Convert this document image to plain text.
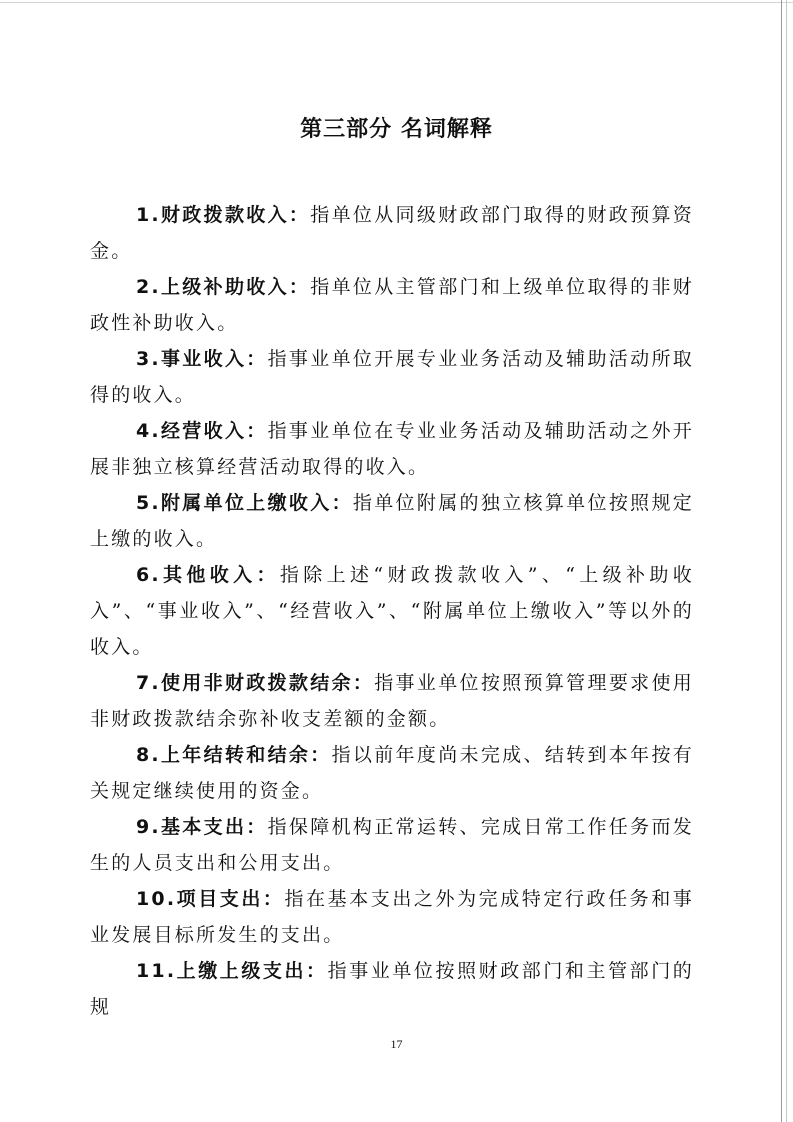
第三部分 名词解释

1.财政拨款收入：指单位从同级财政部门取得的财政预算资金。

2.上级补助收入：指单位从主管部门和上级单位取得的非财政性补助收入。

3.事业收入：指事业单位开展专业业务活动及辅助活动所取得的收入。

4.经营收入：指事业单位在专业业务活动及辅助活动之外开展非独立核算经营活动取得的收入。

5.附属单位上缴收入：指单位附属的独立核算单位按照规定上缴的收入。

6.其他收入：指除上述“财政拨款收入”、“上级补助收入”、“事业收入”、“经营收入”、“附属单位上缴收入”等以外的收入。

7.使用非财政拨款结余：指事业单位按照预算管理要求使用非财政拨款结余弥补收支差额的金额。

8.上年结转和结余：指以前年度尚未完成、结转到本年按有关规定继续使用的资金。

9.基本支出：指保障机构正常运转、完成日常工作任务而发生的人员支出和公用支出。

10.项目支出：指在基本支出之外为完成特定行政任务和事业发展目标所发生的支出。

11.上缴上级支出：指事业单位按照财政部门和主管部门的规

17
